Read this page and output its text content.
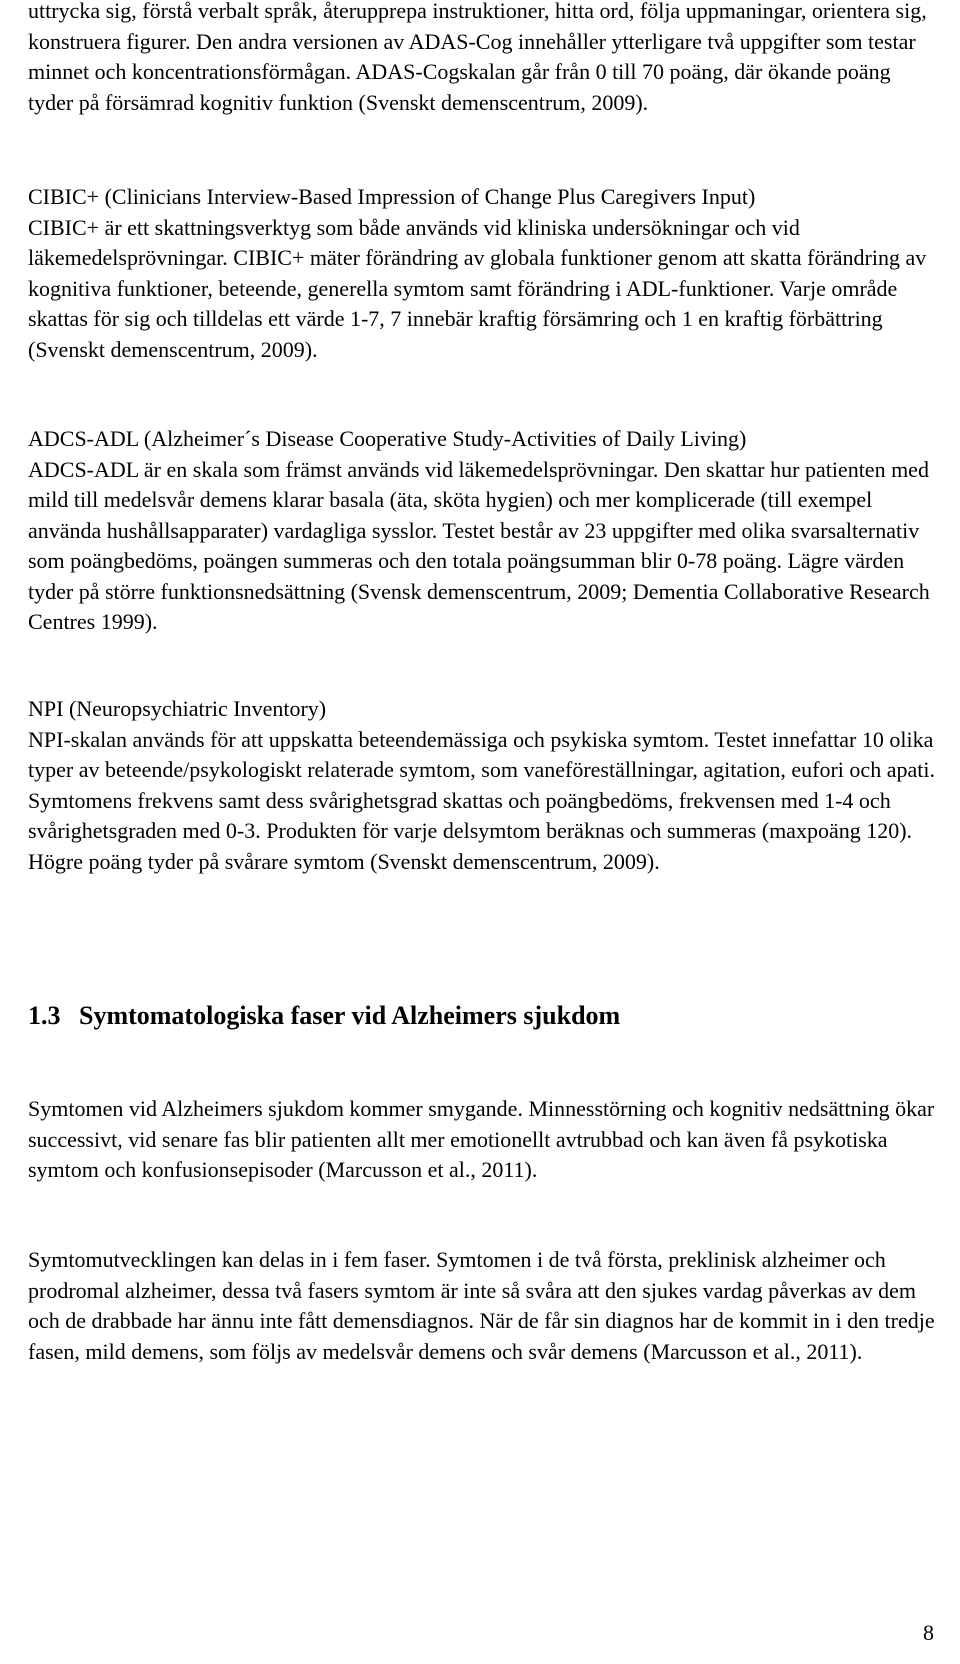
uttrycka sig, förstå verbalt språk, återupprepa instruktioner, hitta ord, följa uppmaningar, orientera sig, konstruera figurer. Den andra versionen av ADAS-Cog innehåller ytterligare två uppgifter som testar minnet och koncentrationsförmågan. ADAS-Cogskalan går från 0 till 70 poäng, där ökande poäng tyder på försämrad kognitiv funktion (Svenskt demenscentrum, 2009).

CIBIC+ (Clinicians Interview-Based Impression of Change Plus Caregivers Input)
CIBIC+ är ett skattningsverktyg som både används vid kliniska undersökningar och vid läkemedelsprövningar. CIBIC+ mäter förändring av globala funktioner genom att skatta förändring av kognitiva funktioner, beteende, generella symtom samt förändring i ADL-funktioner. Varje område skattas för sig och tilldelas ett värde 1-7, 7 innebär kraftig försämring och 1 en kraftig förbättring (Svenskt demenscentrum, 2009).
ADCS-ADL (Alzheimer´s Disease Cooperative Study-Activities of Daily Living)
ADCS-ADL är en skala som främst används vid läkemedelsprövningar. Den skattar hur patienten med mild till medelsvår demens klarar basala (äta, sköta hygien) och mer komplicerade (till exempel använda hushållsapparater) vardagliga sysslor. Testet består av 23 uppgifter med olika svarsalternativ som poängbedöms, poängen summeras och den totala poängsumman blir 0-78 poäng. Lägre värden tyder på större funktionsnedsättning (Svensk demenscentrum, 2009; Dementia Collaborative Research Centres 1999).
NPI (Neuropsychiatric Inventory)
NPI-skalan används för att uppskatta beteendemässiga och psykiska symtom. Testet innefattar 10 olika typer av beteende/psykologiskt relaterade symtom, som vaneföreställningar, agitation, eufori och apati. Symtomens frekvens samt dess svårighetsgrad skattas och poängbedöms, frekvensen med 1-4 och svårighetsgraden med 0-3. Produkten för varje delsymtom beräknas och summeras (maxpoäng 120). Högre poäng tyder på svårare symtom (Svenskt demenscentrum, 2009).
1.3 Symtomatologiska faser vid Alzheimers sjukdom

Symtomen vid Alzheimers sjukdom kommer smygande. Minnesstörning och kognitiv nedsättning ökar successivt, vid senare fas blir patienten allt mer emotionellt avtrubbad och kan även få psykotiska symtom och konfusionsepisoder (Marcusson et al., 2011).

Symtomutvecklingen kan delas in i fem faser. Symtomen i de två första, preklinisk alzheimer och prodromal alzheimer, dessa två fasers symtom är inte så svåra att den sjukes vardag påverkas av dem och de drabbade har ännu inte fått demensdiagnos. När de får sin diagnos har de kommit in i den tredje fasen, mild demens, som följs av medelsvår demens och svår demens (Marcusson et al., 2011).

8
